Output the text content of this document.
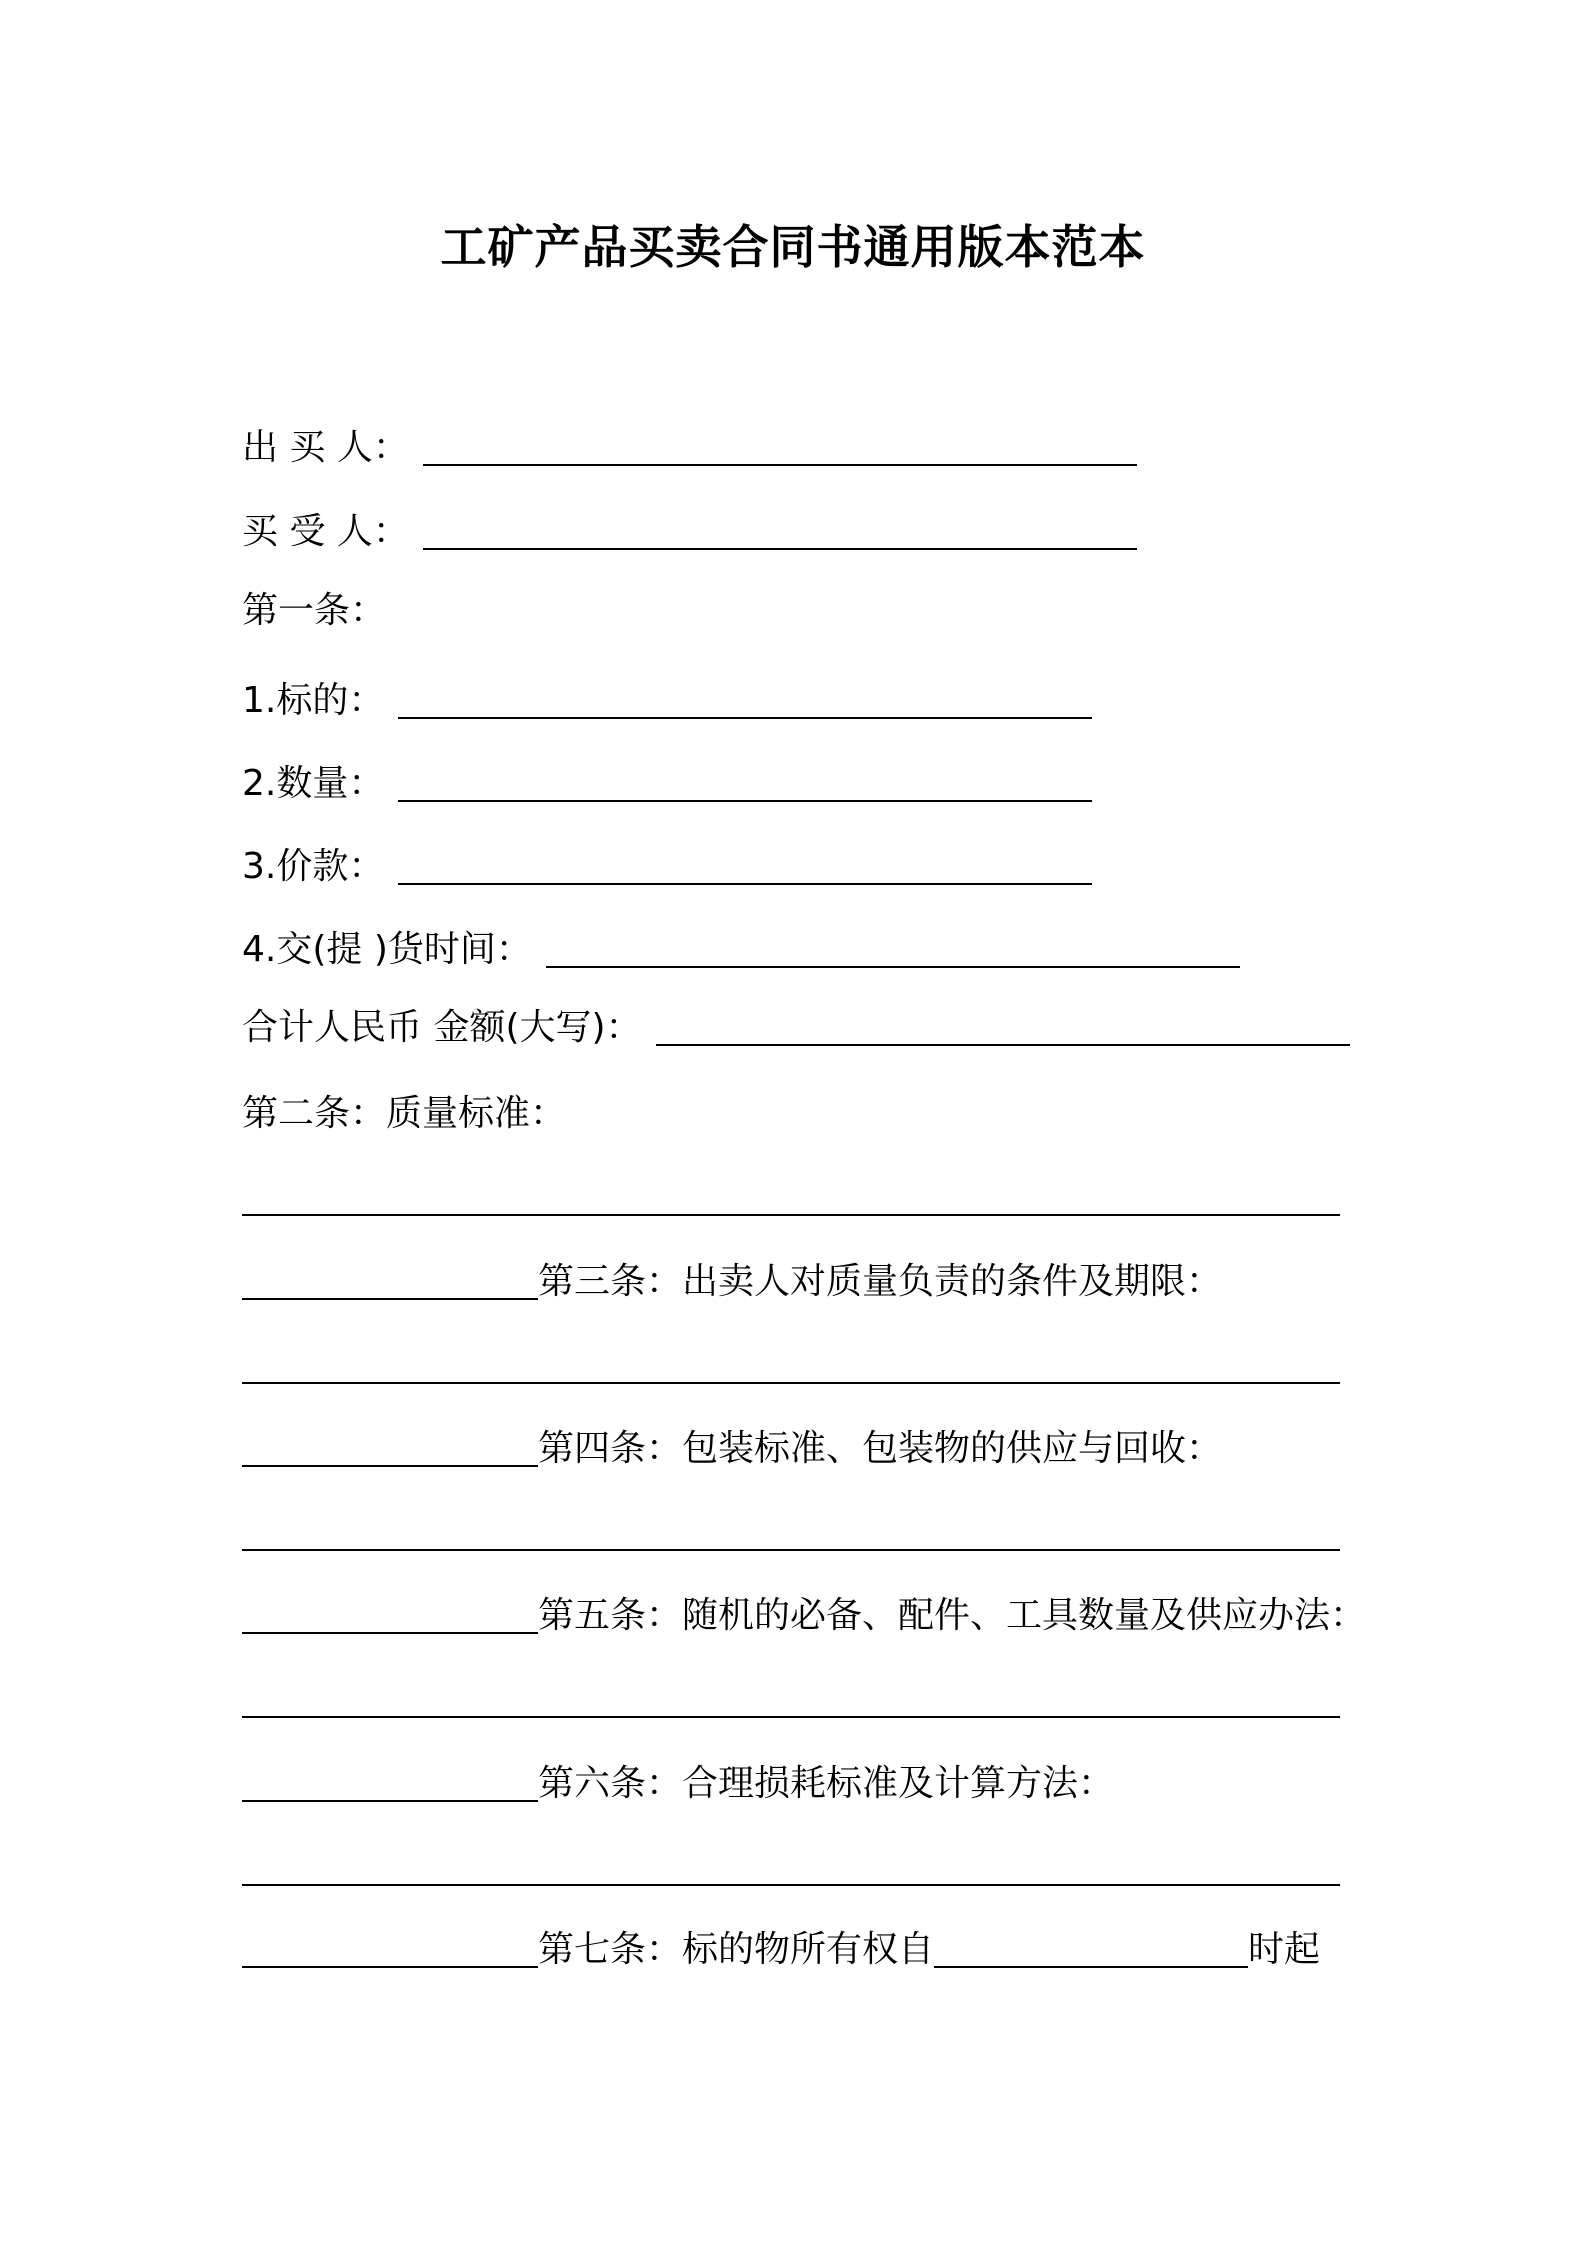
工矿产品买卖合同书通用版本范本
出 买 人：
买 受 人：
第一条：
1.标的：
2.数量：
3.价款：
4.交(提 )货时间：
合计人民币 金额(大写)：
第二条：质量标准：
第三条：出卖人对质量负责的条件及期限：
第四条：包装标准、包装物的供应与回收：
第五条：随机的必备、配件、工具数量及供应办法：
第六条：合理损耗标准及计算方法：
第七条：标的物所有权自	时起
